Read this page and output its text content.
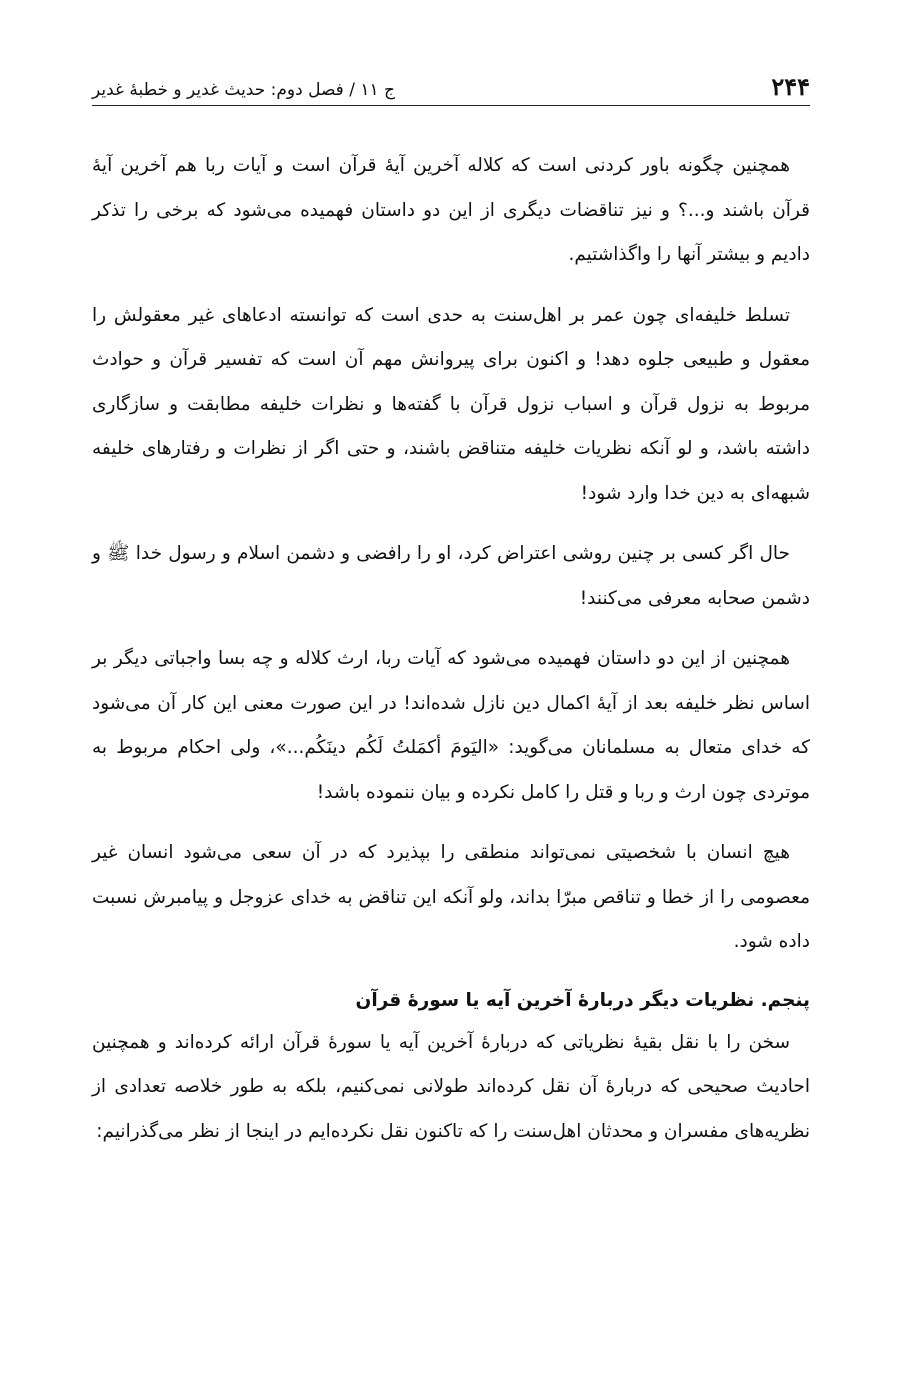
۲۴۴
ج ۱۱ / فصل دوم: حدیث غدیر و خطبهٔ غدیر

همچنین چگونه باور کردنی است که کلاله آخرین آیهٔ قرآن است و آیات ربا هم آخرین آیهٔ قرآن باشند و...؟ و نیز تناقضات دیگری از این دو داستان فهمیده می‌شود که برخی را تذکر دادیم و بیشتر آنها را واگذاشتیم.

تسلط خلیفه‌ای چون عمر بر اهل‌سنت به حدی است که توانسته ادعاهای غیر معقولش را معقول و طبیعی جلوه دهد! و اکنون برای پیروانش مهم آن است که تفسیر قرآن و حوادث مربوط به نزول قرآن و اسباب نزول قرآن با گفته‌ها و نظرات خلیفه مطابقت و سازگاری داشته باشد، و لو آنکه نظریات خلیفه متناقض باشند، و حتی اگر از نظرات و رفتارهای خلیفه شبهه‌ای به دین خدا وارد شود!

حال اگر کسی بر چنین روشی اعتراض کرد، او را رافضی و دشمن اسلام و رسول خدا ﷺ و دشمن صحابه معرفی می‌کنند!

همچنین از این دو داستان فهمیده می‌شود که آیات ربا، ارث کلاله و چه بسا واجباتی دیگر بر اساس نظر خلیفه بعد از آیهٔ اکمال دین نازل شده‌اند! در این صورت معنی این کار آن می‌شود که خدای متعال به مسلمانان می‌گوید: «اليَومَ أكمَلتُ لَكُم دينَكُم...»، ولی احکام مربوط به موتردی چون ارث و ربا و قتل را کامل نکرده و بیان ننموده باشد!

هیچ انسان با شخصیتی نمی‌تواند منطقی را بپذیرد که در آن سعی می‌شود انسان غیر معصومی را از خطا و تناقص مبرّا بداند، ولو آنکه این تناقض به خدای عزوجل و پیامبرش نسبت داده شود.

پنجم. نظریات دیگر دربارهٔ آخرین آیه یا سورهٔ قرآن

سخن را با نقل بقیهٔ نظریاتی که دربارهٔ آخرین آیه یا سورهٔ قرآن ارائه کرده‌اند و همچنین احادیث صحیحی که دربارهٔ آن نقل کرده‌اند طولانی نمی‌کنیم، بلکه به طور خلاصه تعدادی از نظریه‌های مفسران و محدثان اهل‌سنت را که تاکنون نقل نکرده‌ایم در اینجا از نظر می‌گذرانیم:
